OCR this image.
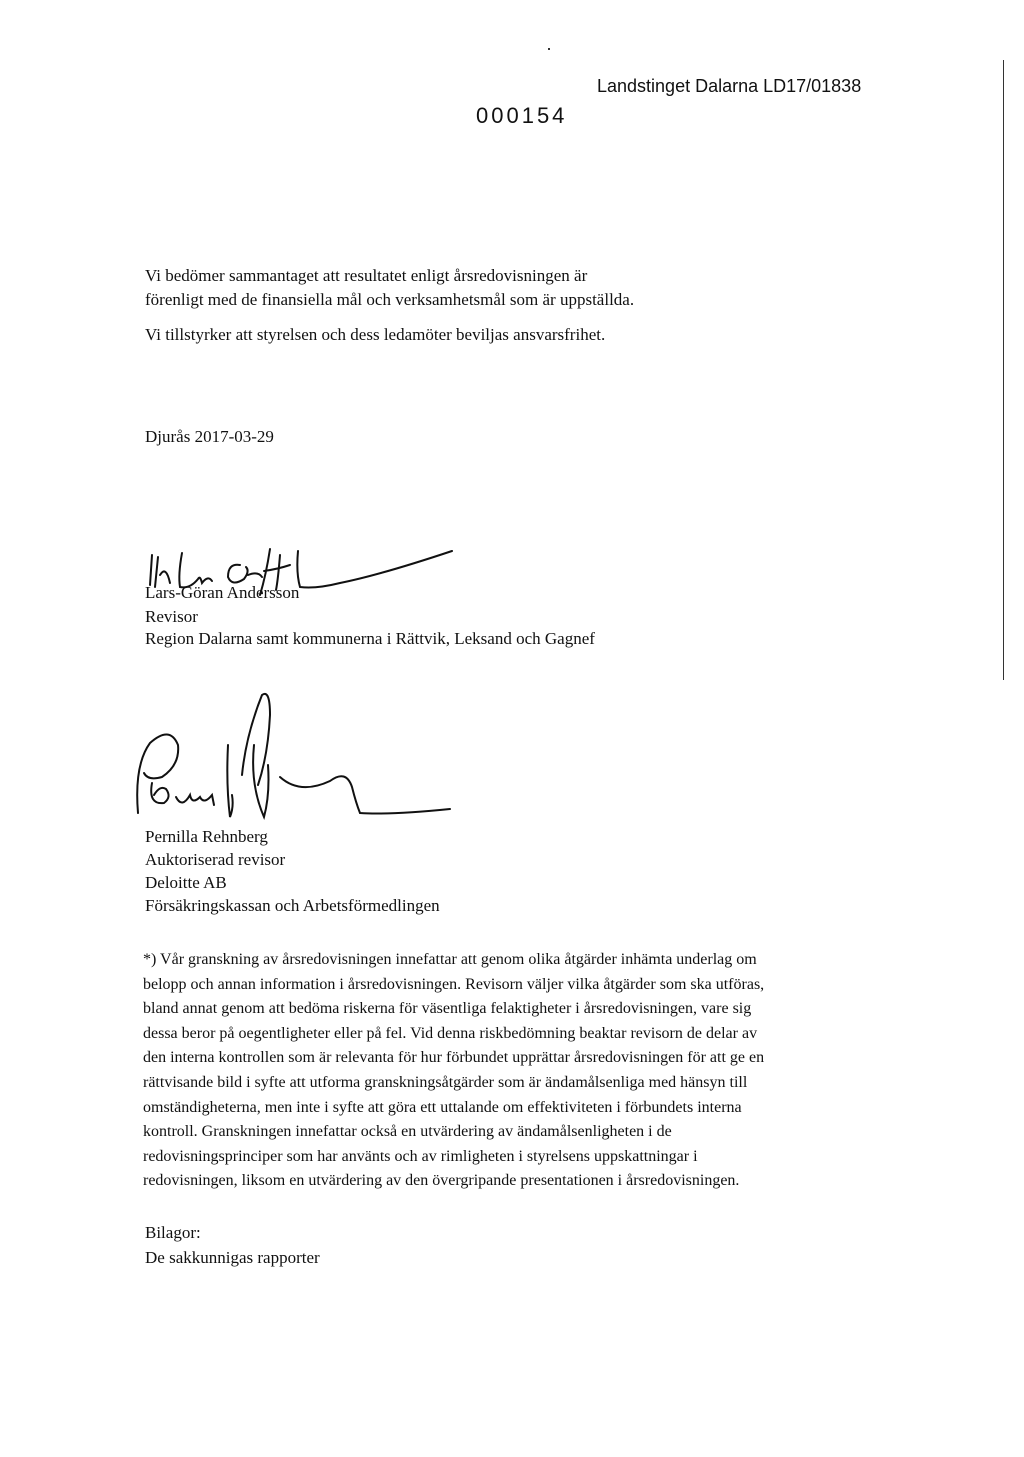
000154
Landstinget Dalarna LD17/01838
Vi bedömer sammantaget att resultatet enligt årsredovisningen är
förenligt med de finansiella mål och verksamhetsmål som är uppställda.
Vi tillstyrker att styrelsen och dess ledamöter beviljas ansvarsfrihet.
Djurås 2017-03-29
Lars-Göran Andersson
Revisor
Region Dalarna samt kommunerna i Rättvik, Leksand och Gagnef
Pernilla Rehnberg
Auktoriserad revisor
Deloitte AB
Försäkringskassan och Arbetsförmedlingen

*) Vår granskning av årsredovisningen innefattar att genom olika åtgärder inhämta underlag om

belopp och annan information i årsredovisningen. Revisorn väljer vilka åtgärder som ska utföras,

bland annat genom att bedöma riskerna för väsentliga felaktigheter i årsredovisningen, vare sig

dessa beror på oegentligheter eller på fel. Vid denna riskbedömning beaktar revisorn de delar av

den interna kontrollen som är relevanta för hur förbundet upprättar årsredovisningen för att ge en

rättvisande bild i syfte att utforma granskningsåtgärder som är ändamålsenliga med hänsyn till

omständigheterna, men inte i syfte att göra ett uttalande om effektiviteten i förbundets interna

kontroll. Granskningen innefattar också en utvärdering av ändamålsenligheten i de

redovisningsprinciper som har använts och av rimligheten i styrelsens uppskattningar i

redovisningen, liksom en utvärdering av den övergripande presentationen i årsredovisningen.

Bilagor:
De sakkunnigas rapporter
